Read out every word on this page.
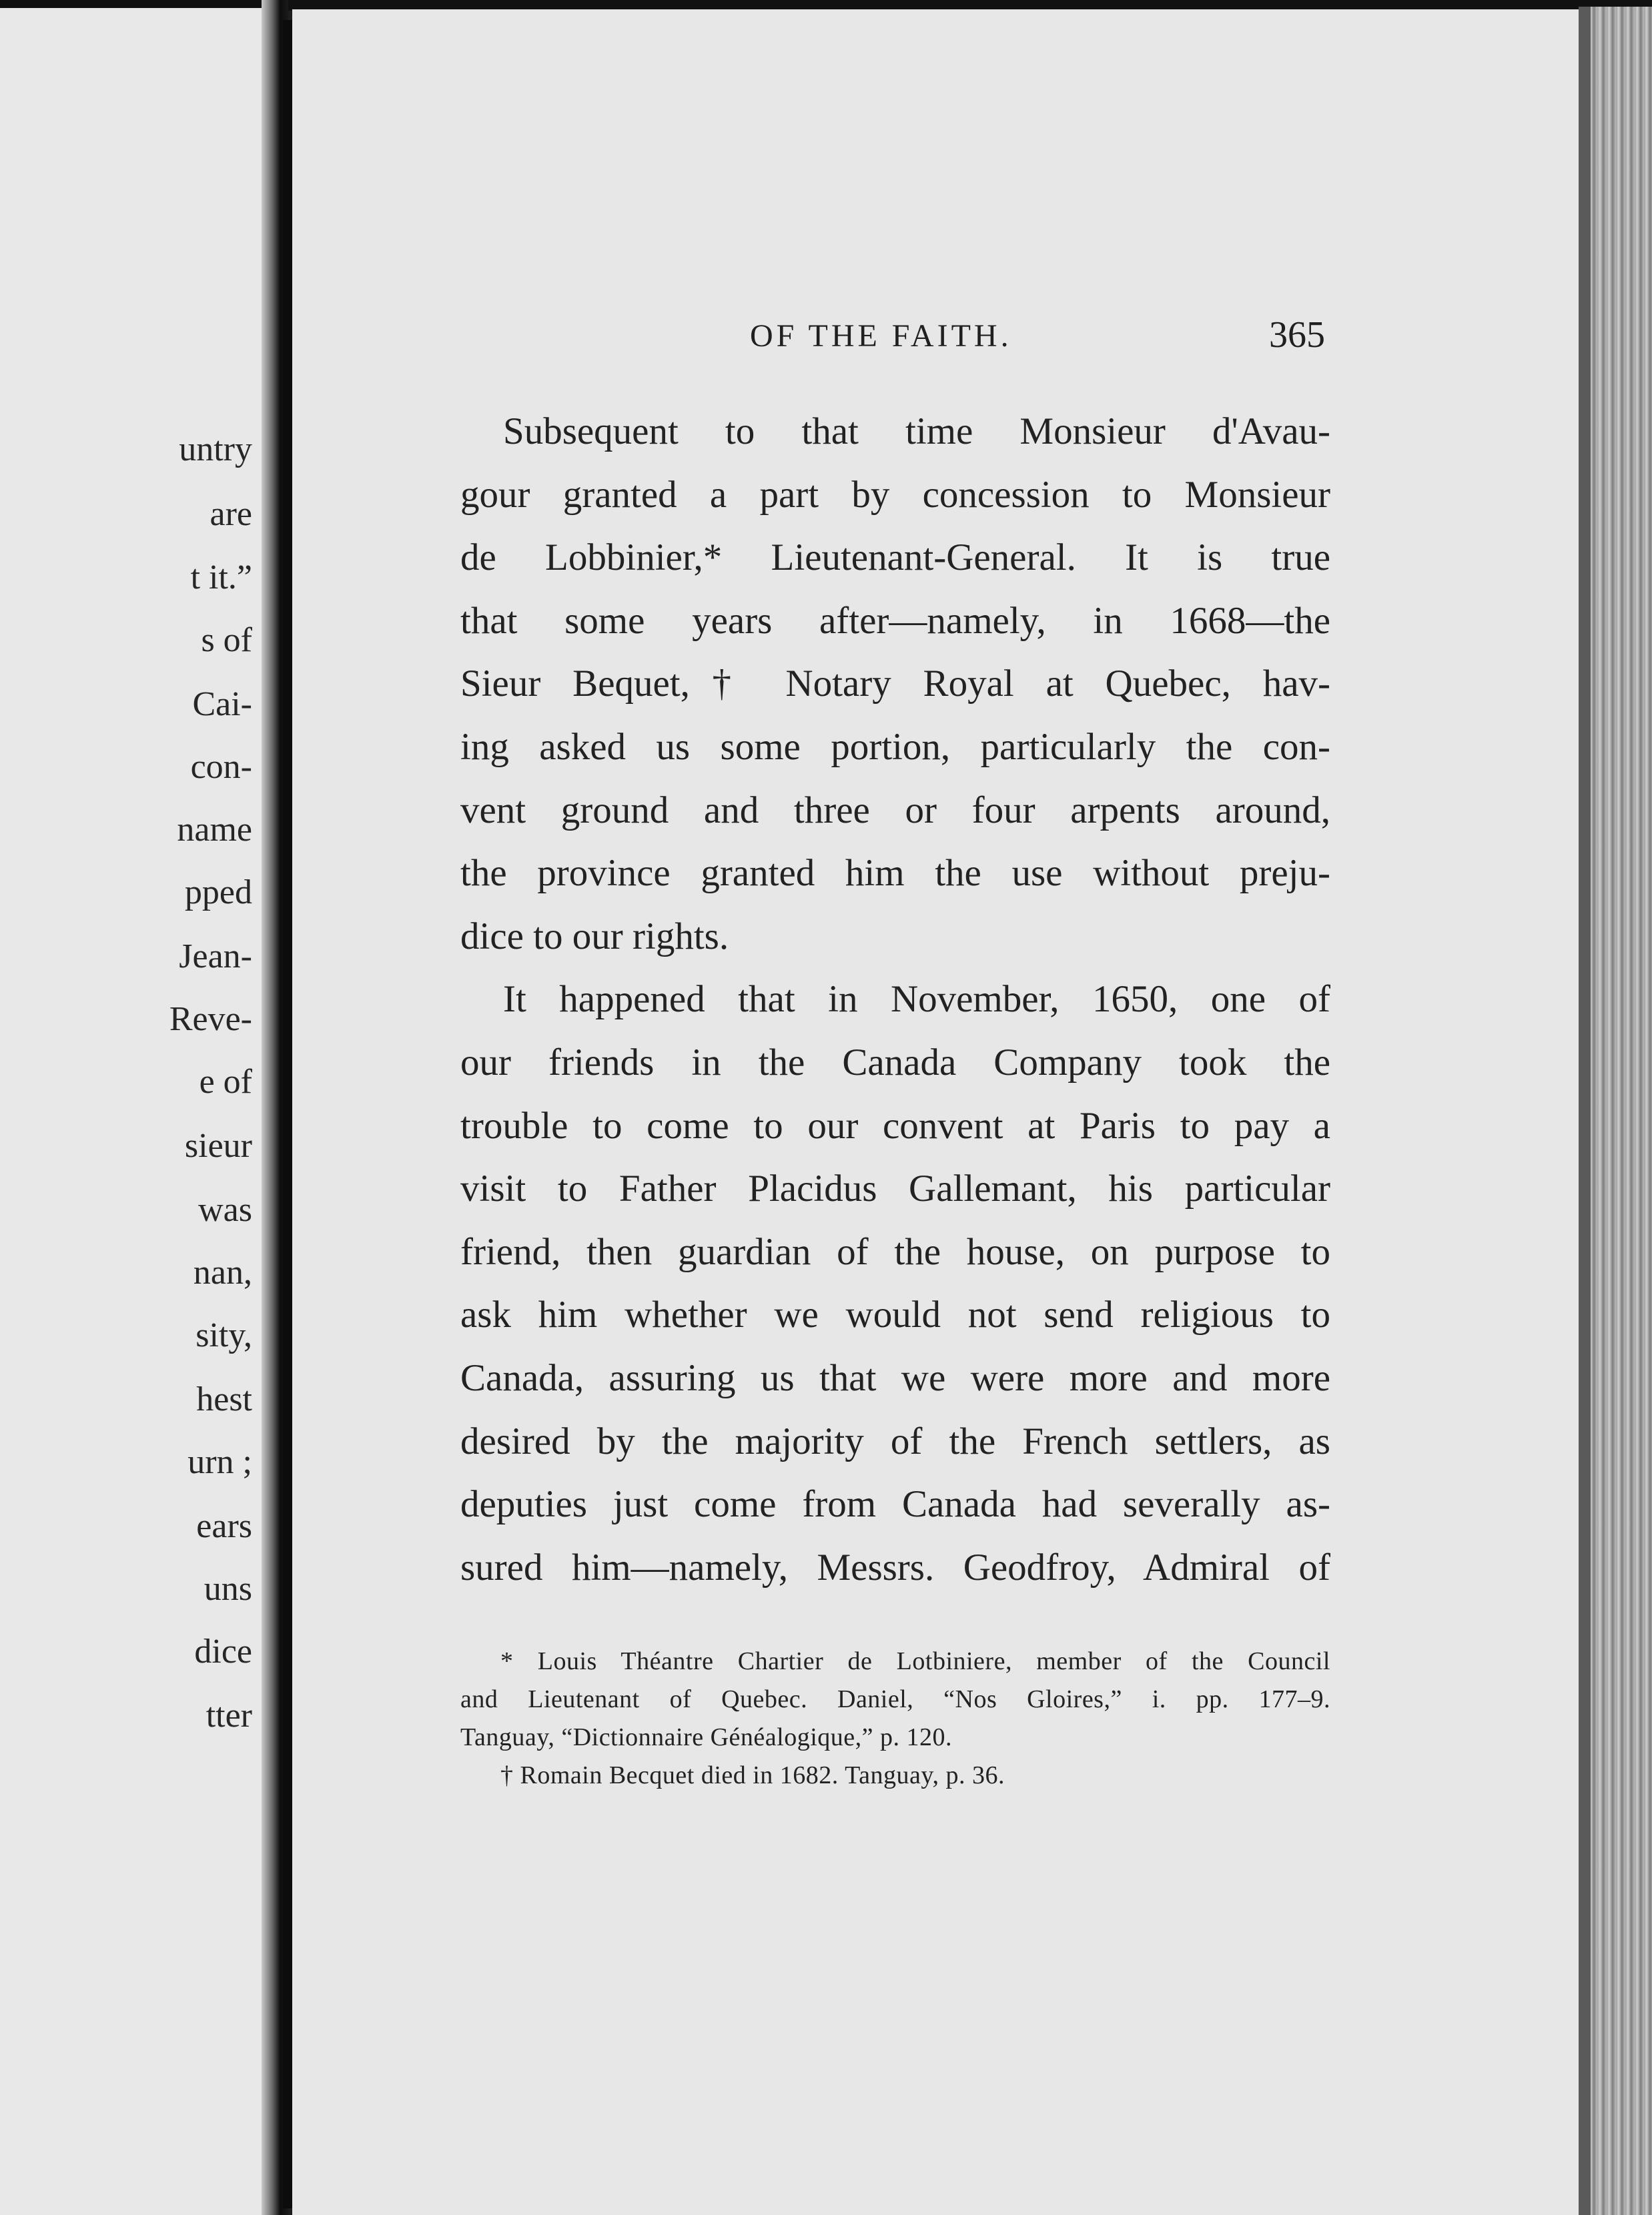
untry
are
t it.”
s of
Cai-
con-
name
pped
Jean-
Reve-
e of
sieur
was
nan,
sity,
hest
urn ;
ears
uns
dice
tter
OF THE FAITH.	365
Subsequent to that time Monsieur d'Avau-
gour granted a part by concession to Monsieur
de Lobbinier,* Lieutenant-General. It is true
that some years after—namely, in 1668—the
Sieur Bequet,† Notary Royal at Quebec, hav-
ing asked us some portion, particularly the con-
vent ground and three or four arpents around,
the province granted him the use without preju-
dice to our rights.
It happened that in November, 1650, one of
our friends in the Canada Company took the
trouble to come to our convent at Paris to pay a
visit to Father Placidus Gallemant, his particular
friend, then guardian of the house, on purpose to
ask him whether we would not send religious to
Canada, assuring us that we were more and more
desired by the majority of the French settlers, as
deputies just come from Canada had severally as-
sured him—namely, Messrs. Geodfroy, Admiral of
* Louis Théantre Chartier de Lotbiniere, member of the Council
and Lieutenant of Quebec. Daniel, “Nos Gloires,” i. pp. 177–9.
Tanguay, “Dictionnaire Généalogique,” p. 120.
† Romain Becquet died in 1682. Tanguay, p. 36.
